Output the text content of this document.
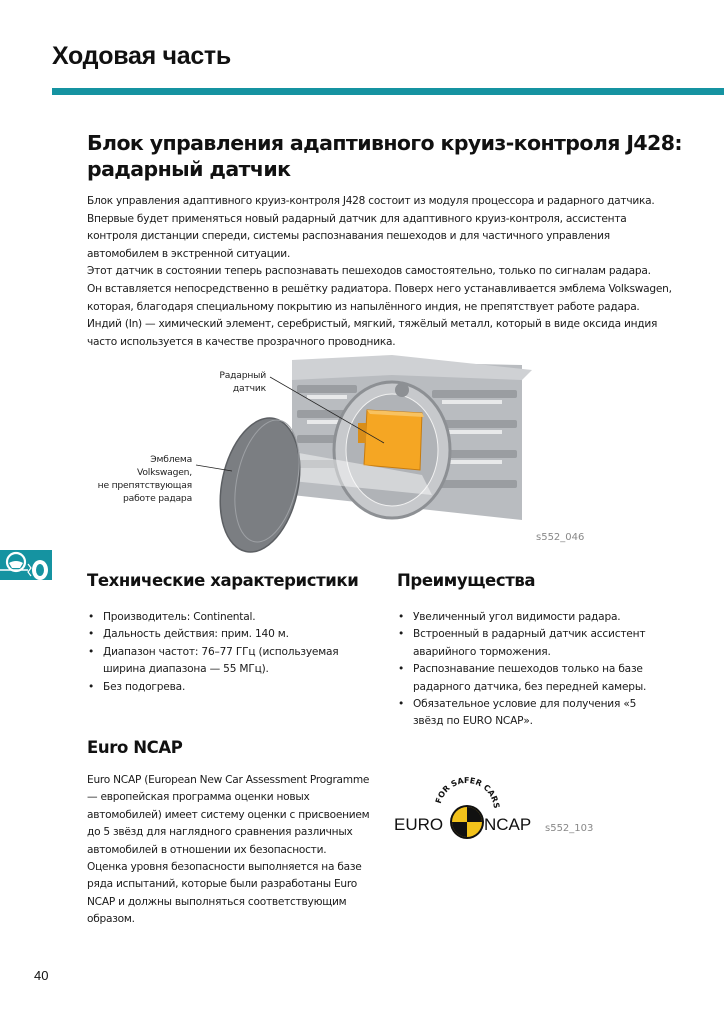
Ходовая часть
Блок управления адаптивного круиз-контроля J428:
радарный датчик

Блок управления адаптивного круиз-контроля J428 состоит из модуля процессора и радарного датчика.

Впервые будет применяться новый радарный датчик для адаптивного круиз-контроля, ассистента контроля дистанции спереди, системы распознавания пешеходов и для частичного управления автомобилем в экстренной ситуации.

Этот датчик в состоянии теперь распознавать пешеходов самостоятельно, только по сигналам радара.

Он вставляется непосредственно в решётку радиатора. Поверх него устанавливается эмблема Volkswagen, которая, благодаря специальному покрытию из напылённого индия, не препятствует работе радара.

Индий (In) — химический элемент, серебристый, мягкий, тяжёлый металл, который в виде оксида индия часто используется в качестве прозрачного проводника.

Радарный
датчик
Эмблема
Volkswagen,
не препятствующая
работе радара
s552_046
Технические характеристики
• Производитель: Continental.
• Дальность действия: прим. 140 м.
• Диапазон частот: 76–77 ГГц (используемая ширина диапазона — 55 МГц).
• Без подогрева.
Преимущества
• Увеличенный угол видимости радара.
• Встроенный в радарный датчик ассистент аварийного торможения.
• Распознавание пешеходов только на базе радарного датчика, без передней камеры.
• Обязательное условие для получения «5 звёзд по EURO NCAP».
Euro NCAP

Euro NCAP (European New Car Assessment Programme — европейская программа оценки новых автомобилей) имеет систему оценки с присвоением до 5 звёзд для наглядного сравнения различных автомобилей в отношении их безопасности.

Оценка уровня безопасности выполняется на базе ряда испытаний, которые были разработаны Euro NCAP и должны выполняться соответствующим образом.

FOR SAFER CARS
EURO NCAP s552_103
40
